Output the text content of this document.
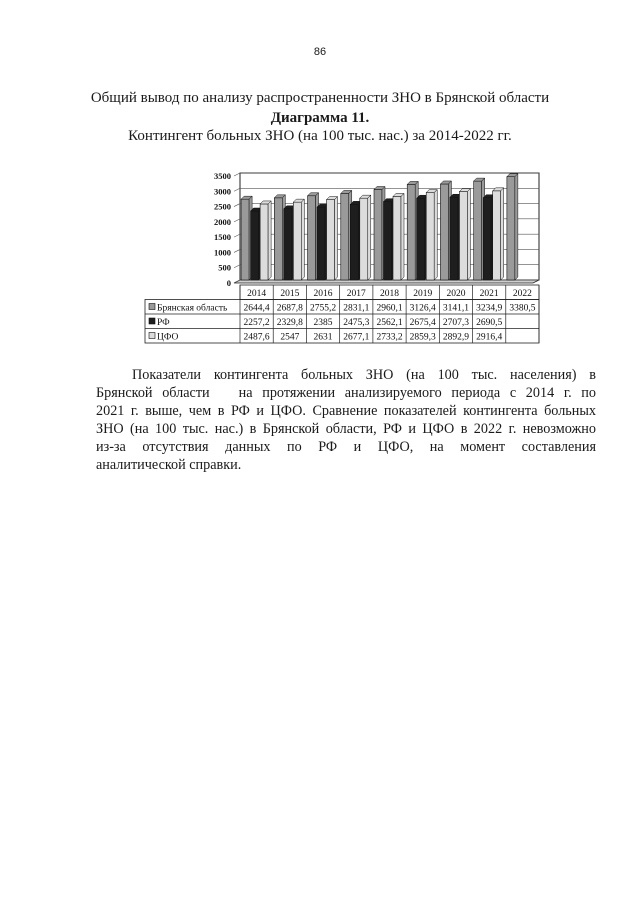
86
Общий вывод по анализу распространенности ЗНО в Брянской области
Диаграмма 11.
Контингент больных ЗНО (на 100 тыс. нас.) за 2014-2022 гг.
0
500
1000
1500
2000
2500
3000
3500
2014 2015 2016 2017 2018 2019 2020 2021 2022
Брянская область 2644,4 2687,8 2755,2 2831,1 2960,1 3126,4 3141,1 3234,9 3380,5
РФ	2257,2 2329,8 2385 2475,3 2562,1 2675,4 2707,3 2690,5
ЦФО	2487,6 2547 2631 2677,1 2733,2 2859,3 2892,9 2916,4
Показатели контингента больных ЗНО (на 100 тыс. населения) в
Брянской области   на протяжении анализируемого периода с 2014 г. по
2021 г. выше, чем в РФ и ЦФО. Сравнение показателей контингента больных
ЗНО (на 100 тыс. нас.) в Брянской области, РФ и ЦФО в 2022 г. невозможно
из-за отсутствия данных по РФ и ЦФО, на момент составления
аналитической справки.
